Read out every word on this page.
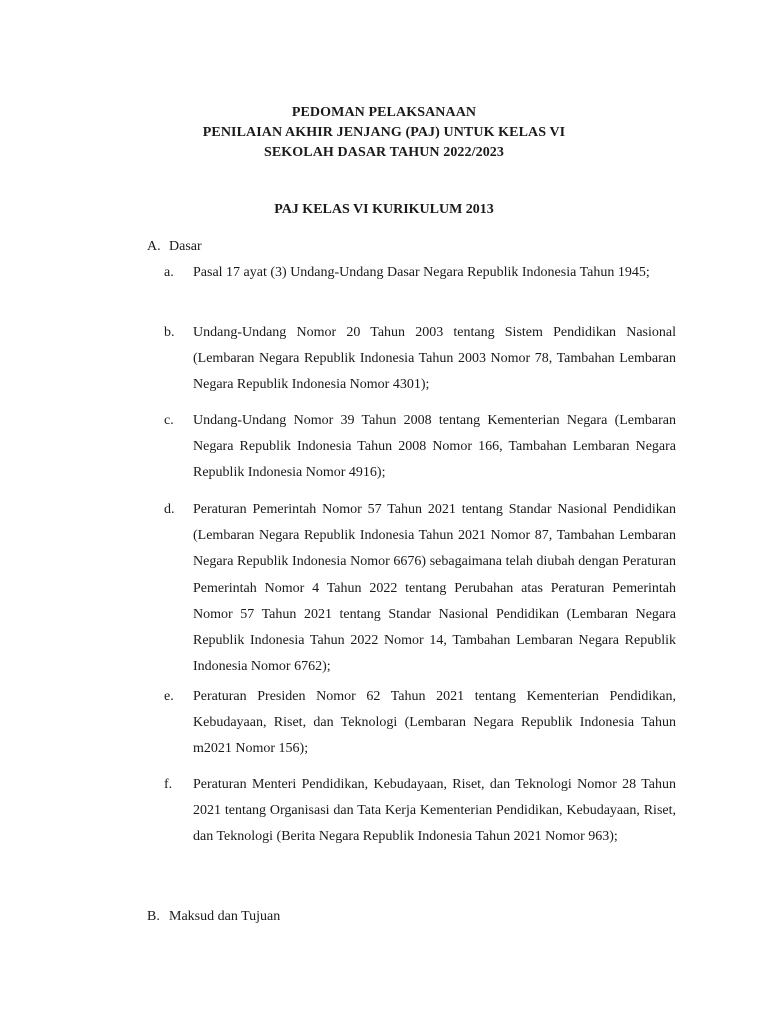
PEDOMAN PELAKSANAAN
PENILAIAN AKHIR JENJANG (PAJ) UNTUK KELAS VI
SEKOLAH DASAR TAHUN 2022/2023
PAJ KELAS VI KURIKULUM 2013
A. Dasar
a.	Pasal 17 ayat (3) Undang-Undang Dasar Negara Republik Indonesia Tahun 1945;
b.	Undang-Undang Nomor 20 Tahun 2003 tentang Sistem Pendidikan Nasional (Lembaran Negara Republik Indonesia Tahun 2003 Nomor 78, Tambahan Lembaran Negara Republik Indonesia Nomor 4301);
c.	Undang-Undang Nomor 39 Tahun 2008 tentang Kementerian Negara (Lembaran Negara Republik Indonesia Tahun 2008 Nomor 166, Tambahan Lembaran Negara Republik Indonesia Nomor 4916);
d.	Peraturan Pemerintah Nomor 57 Tahun 2021 tentang Standar Nasional Pendidikan (Lembaran Negara Republik Indonesia Tahun 2021 Nomor 87, Tambahan Lembaran Negara Republik Indonesia Nomor 6676) sebagaimana telah diubah dengan Peraturan Pemerintah Nomor 4 Tahun 2022 tentang Perubahan atas Peraturan Pemerintah Nomor 57 Tahun 2021 tentang Standar Nasional Pendidikan (Lembaran Negara Republik Indonesia Tahun 2022 Nomor 14, Tambahan Lembaran Negara Republik Indonesia Nomor 6762);
e.	Peraturan Presiden Nomor 62 Tahun 2021 tentang Kementerian Pendidikan, Kebudayaan, Riset, dan Teknologi (Lembaran Negara Republik Indonesia Tahun m2021 Nomor 156);
f.	Peraturan Menteri Pendidikan, Kebudayaan, Riset, dan Teknologi Nomor 28 Tahun 2021 tentang Organisasi dan Tata Kerja Kementerian Pendidikan, Kebudayaan, Riset, dan Teknologi (Berita Negara Republik Indonesia Tahun 2021 Nomor 963);
B. Maksud dan Tujuan
